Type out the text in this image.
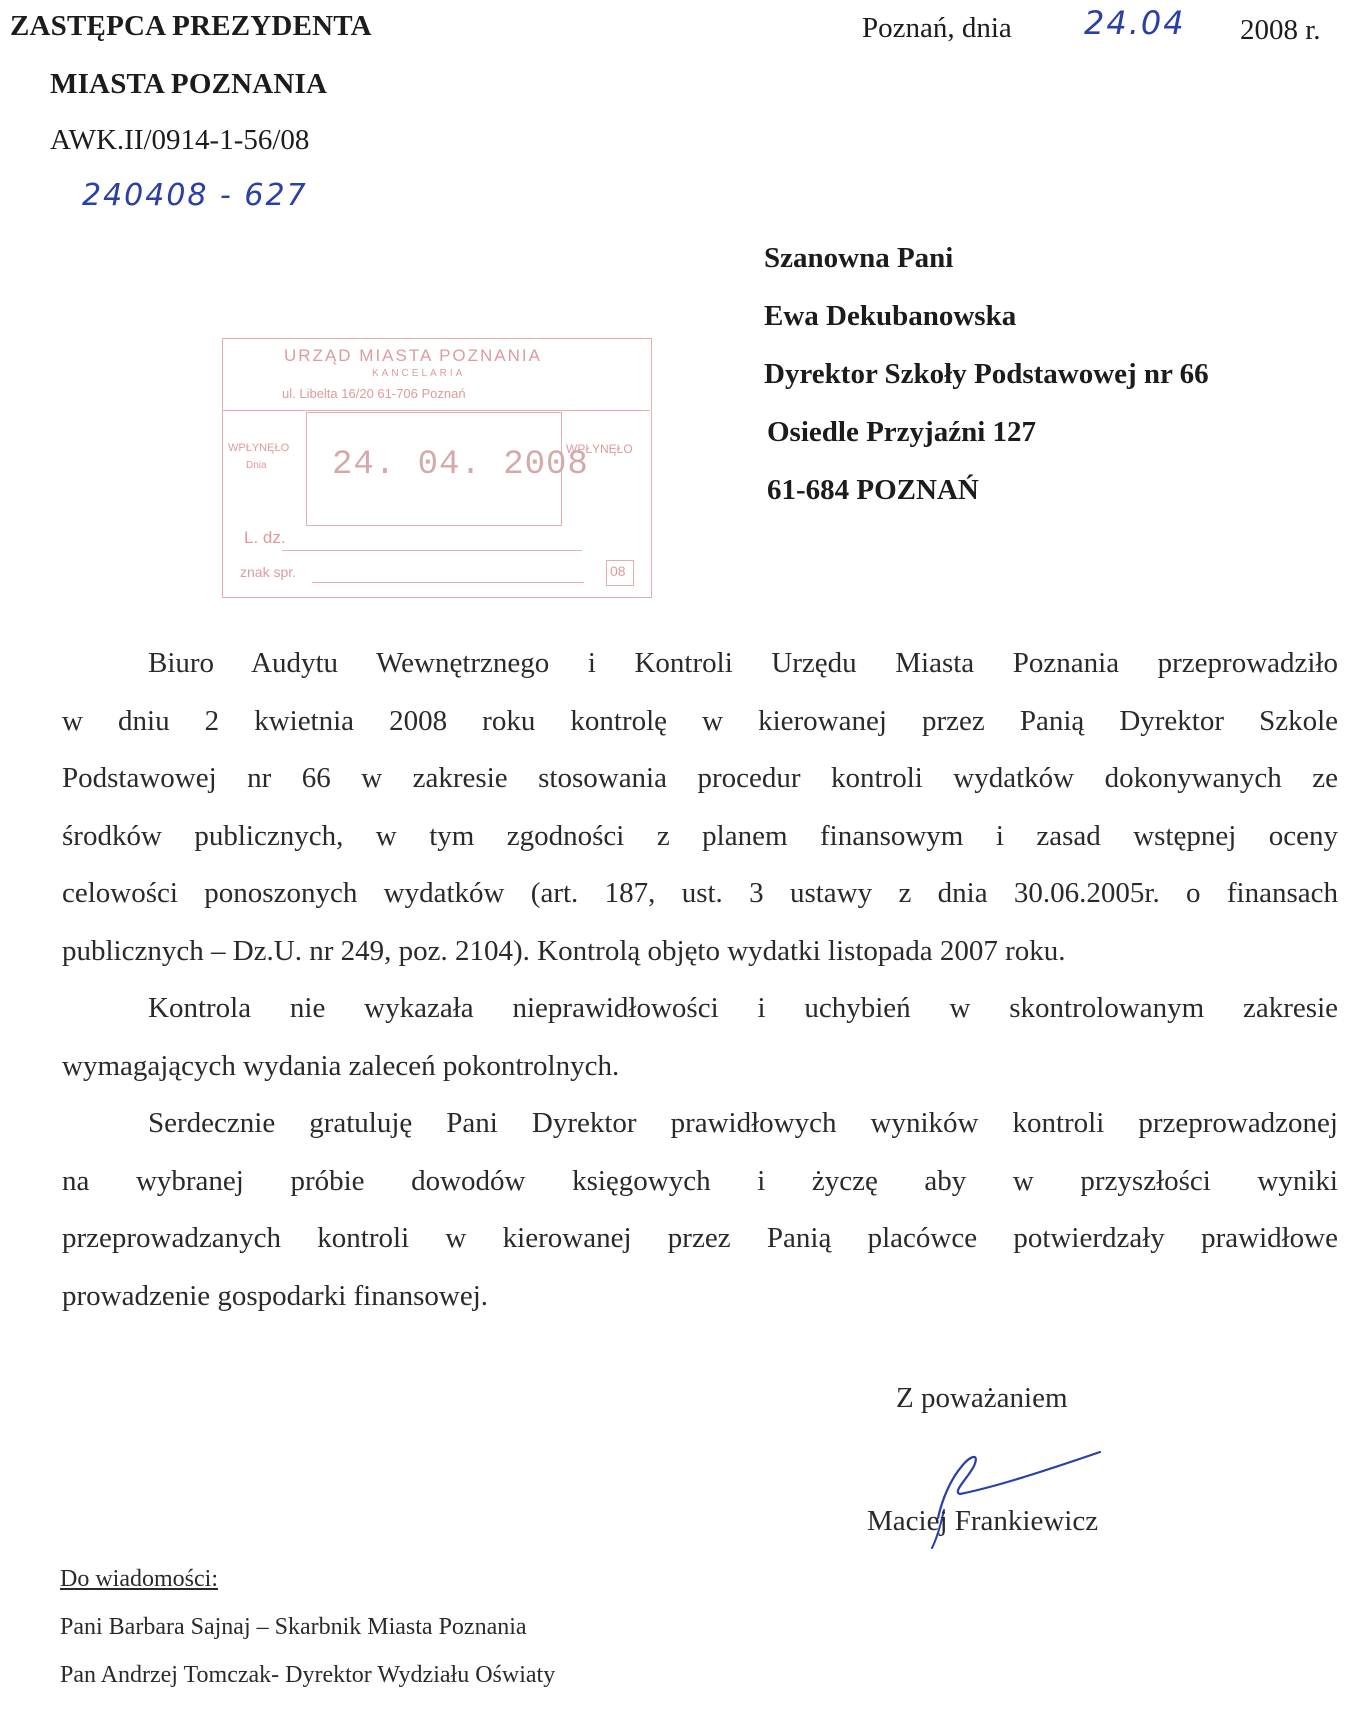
ZASTĘPCA PREZYDENTA
MIASTA POZNANIA
AWK.II/0914-1-56/08
240408 - 627
Poznań, dnia 24.04 2008 r.
Szanowna Pani
Ewa Dekubanowska
Dyrektor Szkoły Podstawowej nr 66
Osiedle Przyjaźni 127
61-684 POZNAŃ
URZĄD MIASTA POZNANIA
KANCELARIA
ul. Libelta 16/20 61-706 Poznań
WPŁYNĘŁO
Dnia 24. 04. 2008
WPŁYNĘŁO
L. dz.
znak spr.	08
Biuro Audytu Wewnętrznego i Kontroli Urzędu Miasta Poznania przeprowadziło
w dniu 2 kwietnia 2008 roku kontrolę w kierowanej przez Panią Dyrektor Szkole
Podstawowej nr 66 w zakresie stosowania procedur kontroli wydatków dokonywanych ze
środków publicznych, w tym zgodności z planem finansowym i zasad wstępnej oceny
celowości ponoszonych wydatków (art. 187, ust. 3 ustawy z dnia 30.06.2005r. o finansach
publicznych – Dz.U. nr 249, poz. 2104). Kontrolą objęto wydatki listopada 2007 roku.
Kontrola nie wykazała nieprawidłowości i uchybień w skontrolowanym zakresie
wymagających wydania zaleceń pokontrolnych.
Serdecznie gratuluję Pani Dyrektor prawidłowych wyników kontroli przeprowadzonej
na wybranej próbie dowodów księgowych i życzę aby w przyszłości wyniki
przeprowadzanych kontroli w kierowanej przez Panią placówce potwierdzały prawidłowe
prowadzenie gospodarki finansowej.
Z poważaniem
Maciej Frankiewicz
Do wiadomości:
Pani Barbara Sajnaj – Skarbnik Miasta Poznania
Pan Andrzej Tomczak- Dyrektor Wydziału Oświaty
